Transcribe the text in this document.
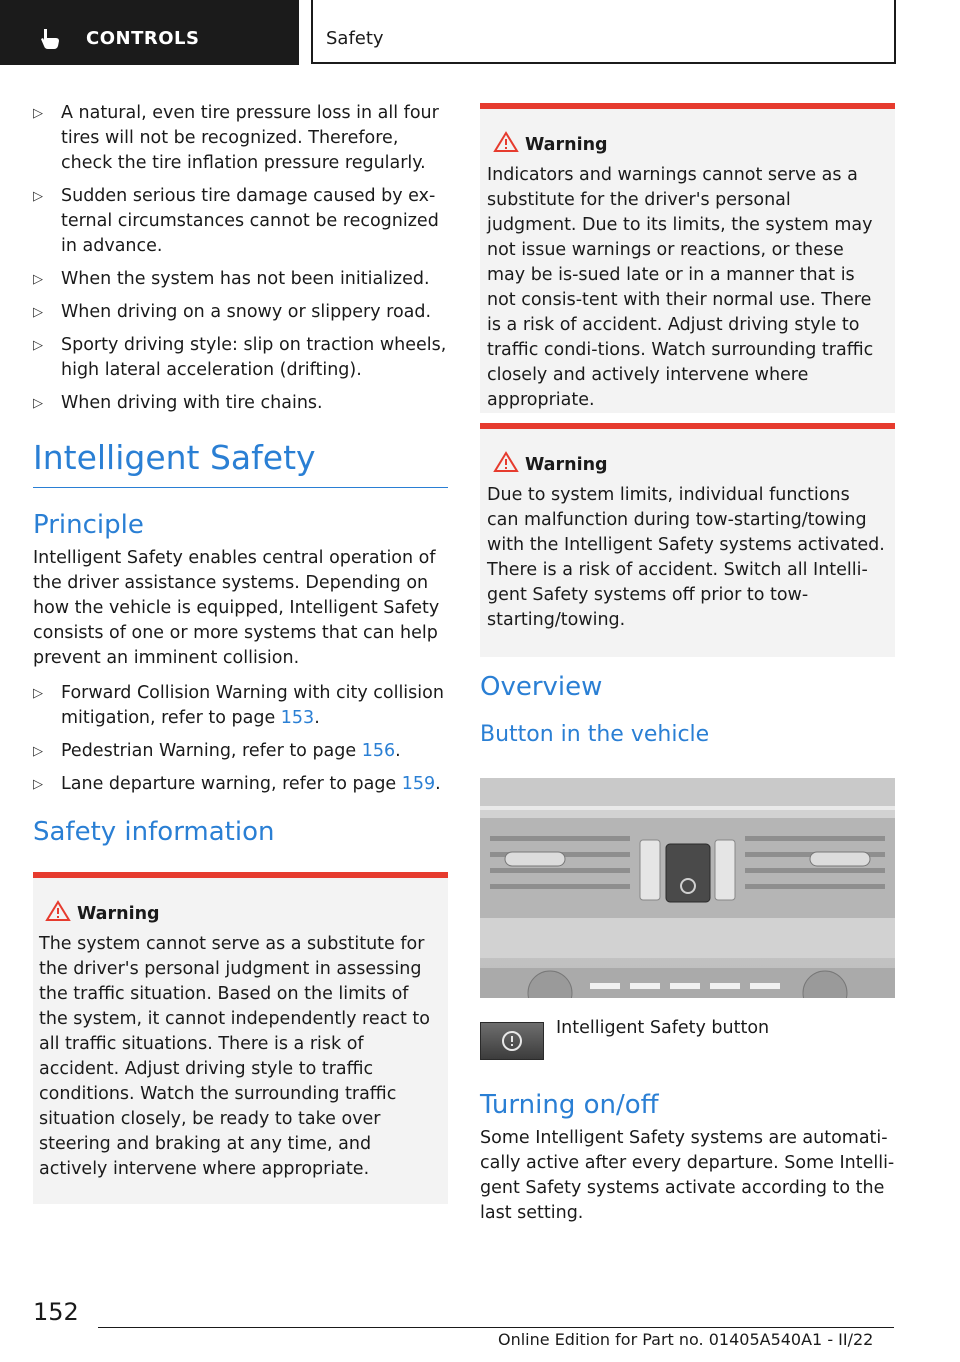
CONTROLS	Safety
▷ A natural, even tire pressure loss in all four tires will not be recognized. Therefore, check the tire inflation pressure regularly.
▷ Sudden serious tire damage caused by ex-ternal circumstances cannot be recognized in advance.
▷ When the system has not been initialized.
▷ When driving on a snowy or slippery road.
▷ Sporty driving style: slip on traction wheels, high lateral acceleration (drifting).
▷ When driving with tire chains.
Intelligent Safety
Principle

Intelligent Safety enables central operation of the driver assistance systems. Depending on how the vehicle is equipped, Intelligent Safety consists of one or more systems that can help prevent an imminent collision.

▷ Forward Collision Warning with city collision mitigation, refer to page 153.
▷ Pedestrian Warning, refer to page 156.
▷ Lane departure warning, refer to page 159.
Safety information

Warning

The system cannot serve as a substitute for the driver's personal judgment in assessing the traffic situation. Based on the limits of the system, it cannot independently react to all traffic situations. There is a risk of accident. Adjust driving style to traffic conditions. Watch the surrounding traffic situation closely, be ready to take over steering and braking at any time, and actively intervene where appropriate.

Warning

Indicators and warnings cannot serve as a substitute for the driver's personal judgment. Due to its limits, the system may not issue warnings or reactions, or these may be is-sued late or in a manner that is not consis-tent with their normal use. There is a risk of accident. Adjust driving style to traffic condi-tions. Watch surrounding traffic closely and actively intervene where appropriate.

Warning

Due to system limits, individual functions can malfunction during tow-starting/towing with the Intelligent Safety systems activated. There is a risk of accident. Switch all Intelli-gent Safety systems off prior to tow-starting/towing.

Overview
Button in the vehicle
Intelligent Safety button
Turning on/off

Some Intelligent Safety systems are automati-cally active after every departure. Some Intelli-gent Safety systems activate according to the last setting.

152
Online Edition for Part no. 01405A540A1 - II/22
